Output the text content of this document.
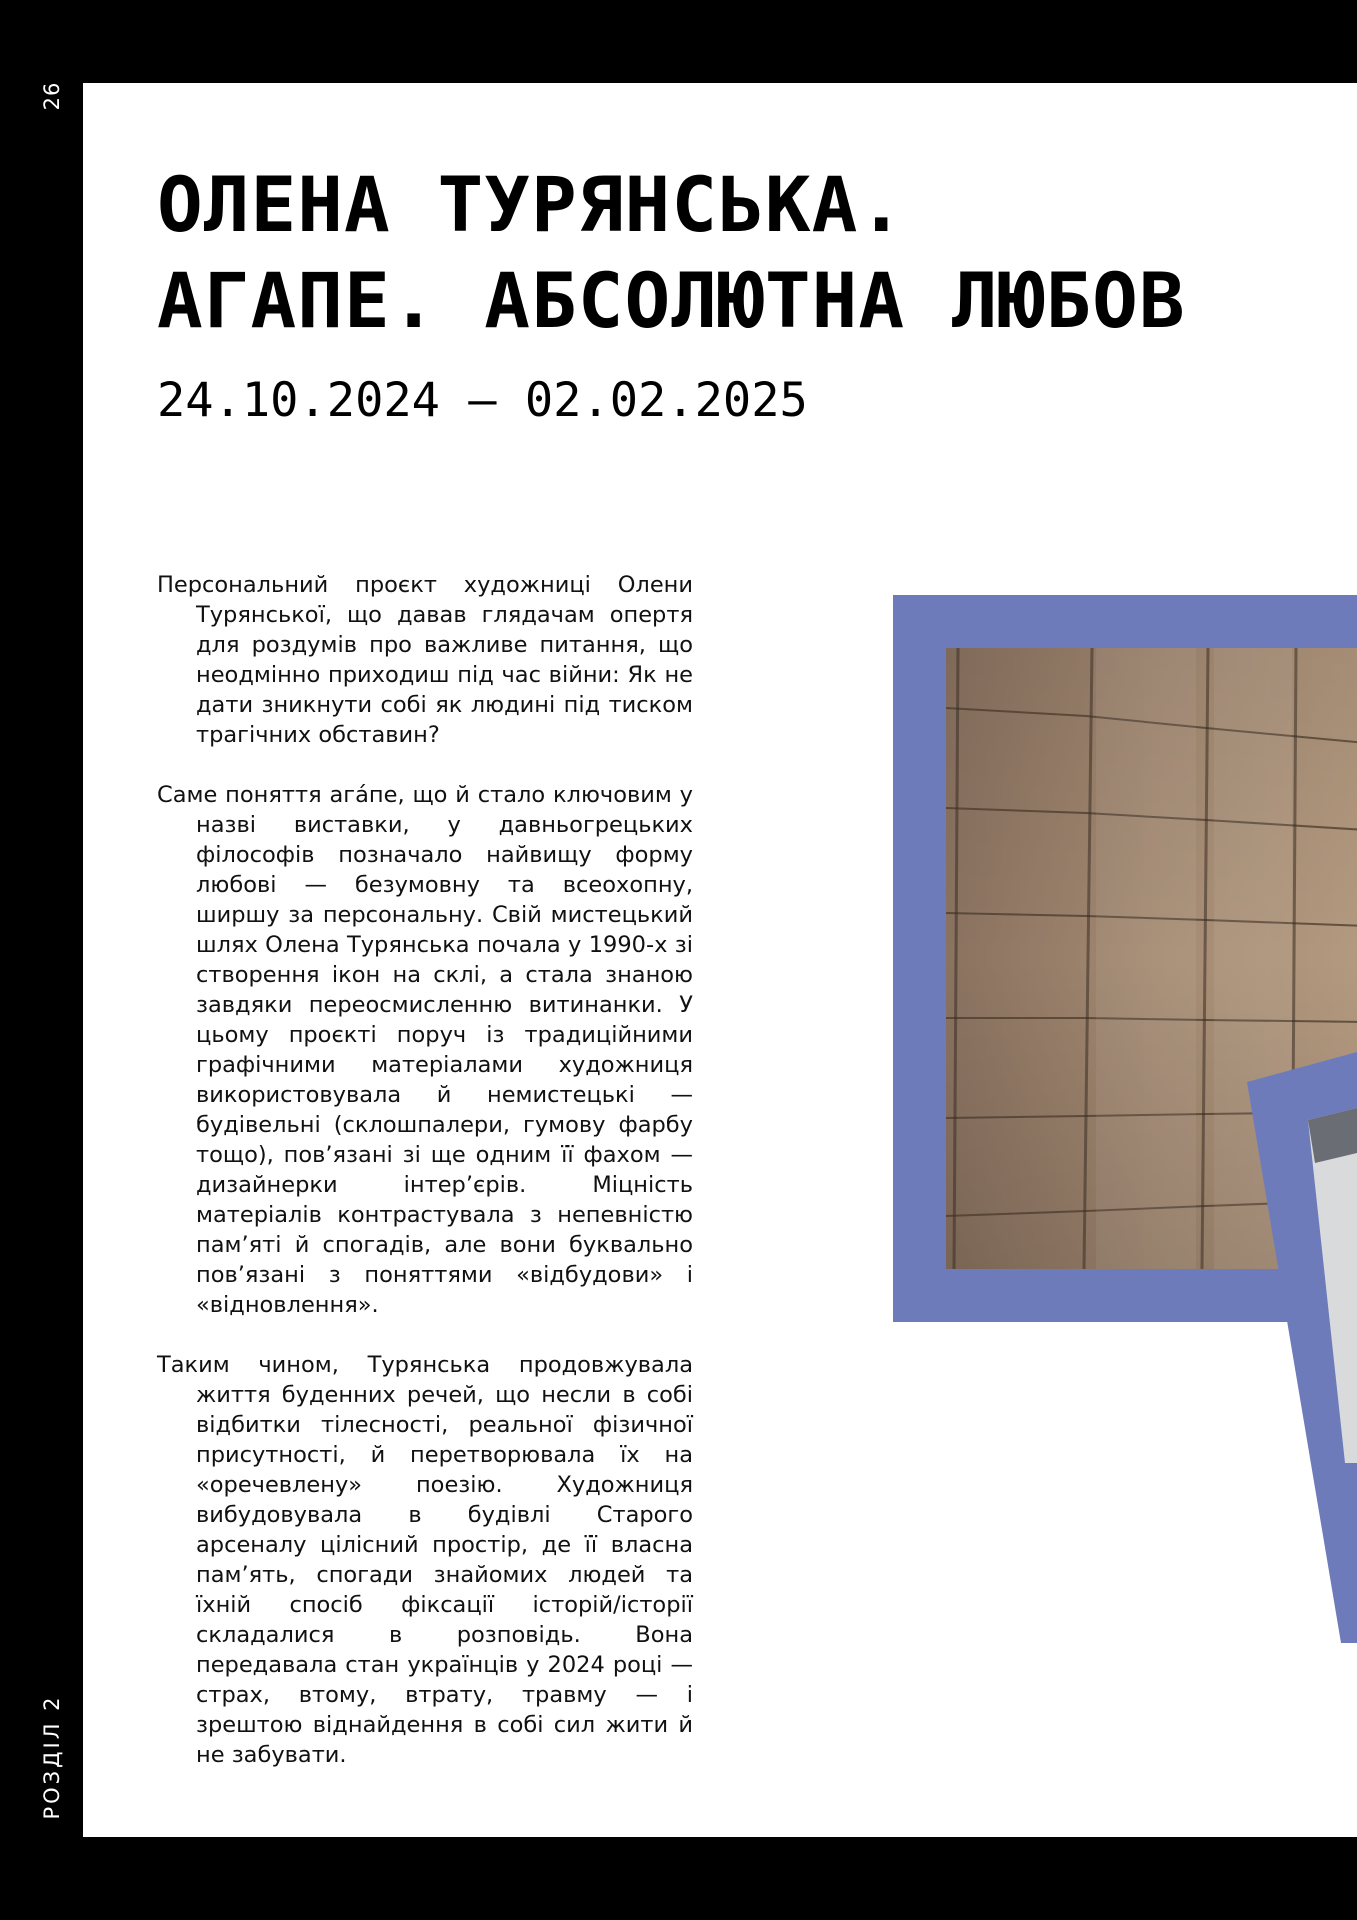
26
РОЗДІЛ 2
ОЛЕНА ТУРЯНСЬКА.
АГАПЕ. АБСОЛЮТНА ЛЮБОВ
24.10.2024 — 02.02.2025

Персональний проєкт художниці Олени Турянської, що давав глядачам опертя для роздумів про важливе питання, що неодмінно приходиш під час війни: Як не дати зникнути собі як людині під тиском трагічних обставин?

Саме поняття ага́пе, що й стало ключовим у назві виставки, у давньогрецьких філософів позначало найвищу форму любові — безумовну та всеохопну, ширшу за персональну. Свій мистецький шлях Олена Турянська почала у 1990-х зі створення ікон на склі, а стала знаною завдяки переосмисленню витинанки. У цьому проєкті поруч із традиційними графічними матеріалами художниця використовувала й немистецькі — будівельні (склошпалери, гумову фарбу тощо), пов’язані зі ще одним її фахом — дизайнерки інтер’єрів. Міцність матеріалів контрастувала з непевністю пам’яті й спогадів, але вони буквально пов’язані з поняттями «відбудови» і «відновлення».

Таким чином, Турянська продовжувала життя буденних речей, що несли в собі відбитки тілесності, реальної фізичної присутності, й перетворювала їх на «оречевлену» поезію. Художниця вибудовувала в будівлі Старого арсеналу цілісний простір, де її власна пам’ять, спогади знайомих людей та їхній спосіб фіксації історій/історії складалися в розповідь. Вона передавала стан українців у 2024 році — страх, втому, втрату, травму — і зрештою віднайдення в собі сил жити й не забувати.
